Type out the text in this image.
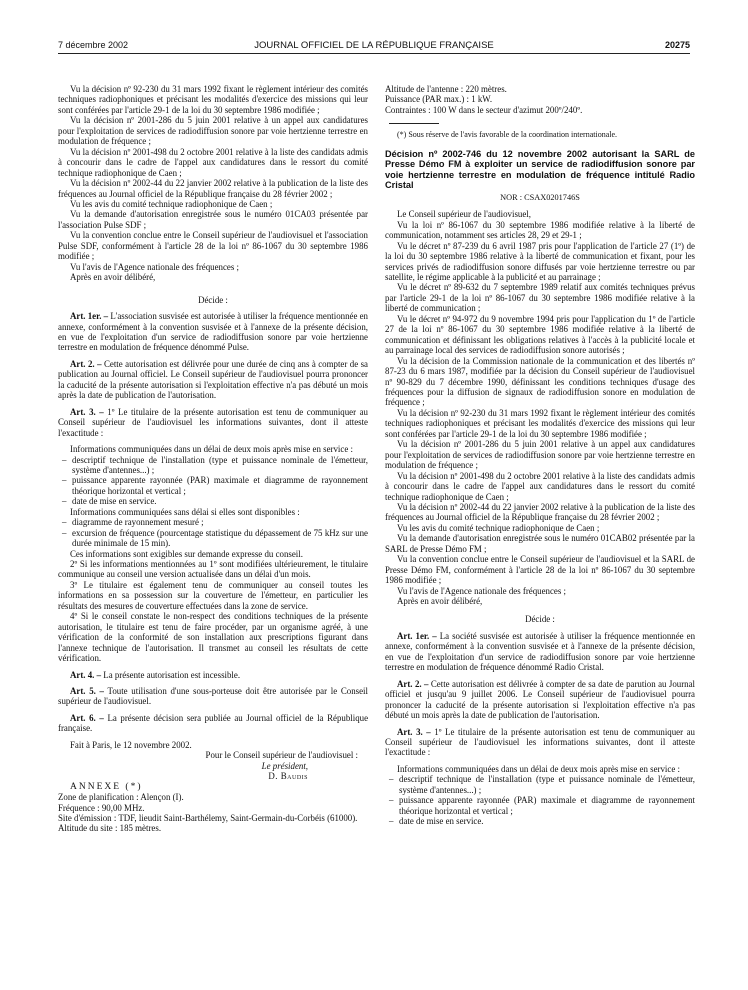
7 décembre 2002	JOURNAL OFFICIEL DE LA RÉPUBLIQUE FRANÇAISE	20275

Vu la décision nº 92-230 du 31 mars 1992 fixant le règlement intérieur des comités techniques radiophoniques et précisant les modalités d'exercice des missions qui leur sont conférées par l'article 29-1 de la loi du 30 septembre 1986 modifiée ;

Vu la décision nº 2001-286 du 5 juin 2001 relative à un appel aux candidatures pour l'exploitation de services de radiodiffusion sonore par voie hertzienne terrestre en modulation de fréquence ;

Vu la décision nº 2001-498 du 2 octobre 2001 relative à la liste des candidats admis à concourir dans le cadre de l'appel aux candidatures dans le ressort du comité technique radiophonique de Caen ;

Vu la décision nº 2002-44 du 22 janvier 2002 relative à la publication de la liste des fréquences au Journal officiel de la République française du 28 février 2002 ;

Vu les avis du comité technique radiophonique de Caen ;

Vu la demande d'autorisation enregistrée sous le numéro 01CA03 présentée par l'association Pulse SDF ;

Vu la convention conclue entre le Conseil supérieur de l'audiovisuel et l'association Pulse SDF, conformément à l'article 28 de la loi nº 86-1067 du 30 septembre 1986 modifiée ;

Vu l'avis de l'Agence nationale des fréquences ;

Après en avoir délibéré,

Décide :

Art. 1er. – L'association susvisée est autorisée à utiliser la fréquence mentionnée en annexe, conformément à la convention susvisée et à l'annexe de la présente décision, en vue de l'exploitation d'un service de radiodiffusion sonore par voie hertzienne terrestre en modulation de fréquence dénommé Pulse.

Art. 2. – Cette autorisation est délivrée pour une durée de cinq ans à compter de sa publication au Journal officiel. Le Conseil supérieur de l'audiovisuel pourra prononcer la caducité de la présente autorisation si l'exploitation effective n'a pas débuté un mois après la date de publication de l'autorisation.

Art. 3. – 1º Le titulaire de la présente autorisation est tenu de communiquer au Conseil supérieur de l'audiovisuel les informations suivantes, dont il atteste l'exactitude :

Informations communiquées dans un délai de deux mois après mise en service :

– descriptif technique de l'installation (type et puissance nominale de l'émetteur, système d'antennes...) ;
– puissance apparente rayonnée (PAR) maximale et diagramme de rayonnement théorique horizontal et vertical ;
– date de mise en service.

Informations communiquées sans délai si elles sont disponibles :

– diagramme de rayonnement mesuré ;
– excursion de fréquence (pourcentage statistique du dépassement de 75 kHz sur une durée minimale de 15 min).

Ces informations sont exigibles sur demande expresse du conseil.

2º Si les informations mentionnées au 1º sont modifiées ultérieurement, le titulaire communique au conseil une version actualisée dans un délai d'un mois.

3º Le titulaire est également tenu de communiquer au conseil toutes les informations en sa possession sur la couverture de l'émetteur, en particulier les résultats des mesures de couverture effectuées dans la zone de service.

4º Si le conseil constate le non-respect des conditions techniques de la présente autorisation, le titulaire est tenu de faire procéder, par un organisme agréé, à une vérification de la conformité de son installation aux prescriptions figurant dans l'annexe technique de l'autorisation. Il transmet au conseil les résultats de cette vérification.

Art. 4. – La présente autorisation est incessible.

Art. 5. – Toute utilisation d'une sous-porteuse doit être autorisée par le Conseil supérieur de l'audiovisuel.

Art. 6. – La présente décision sera publiée au Journal officiel de la République française.

Fait à Paris, le 12 novembre 2002.

Pour le Conseil supérieur de l'audiovisuel :

Le président,

D. Baudis

ANNEXE (*)

Zone de planification : Alençon (I).

Fréquence : 90,00 MHz.

Site d'émission : TDF, lieudit Saint-Barthélemy, Saint-Germain-du-Corbéis (61000).

Altitude du site : 185 mètres.

Altitude de l'antenne : 220 mètres.

Puissance (PAR max.) : 1 kW.

Contraintes : 100 W dans le secteur d'azimut 200º/240º.

(*) Sous réserve de l'avis favorable de la coordination internationale.

Décision nº 2002-746 du 12 novembre 2002 autorisant la SARL de Presse Démo FM à exploiter un service de radiodiffusion sonore par voie hertzienne terrestre en modulation de fréquence intitulé Radio Cristal
NOR : CSAX0201746S

Le Conseil supérieur de l'audiovisuel,

Vu la loi nº 86-1067 du 30 septembre 1986 modifiée relative à la liberté de communication, notamment ses articles 28, 29 et 29-1 ;

Vu le décret nº 87-239 du 6 avril 1987 pris pour l'application de l'article 27 (1º) de la loi du 30 septembre 1986 relative à la liberté de communication et fixant, pour les services privés de radiodiffusion sonore diffusés par voie hertzienne terrestre ou par satellite, le régime applicable à la publicité et au parrainage ;

Vu le décret nº 89-632 du 7 septembre 1989 relatif aux comités techniques prévus par l'article 29-1 de la loi nº 86-1067 du 30 septembre 1986 modifiée relative à la liberté de communication ;

Vu le décret nº 94-972 du 9 novembre 1994 pris pour l'application du 1º de l'article 27 de la loi nº 86-1067 du 30 septembre 1986 modifiée relative à la liberté de communication et définissant les obligations relatives à l'accès à la publicité locale et au parrainage local des services de radiodiffusion sonore autorisés ;

Vu la décision de la Commission nationale de la communication et des libertés nº 87-23 du 6 mars 1987, modifiée par la décision du Conseil supérieur de l'audiovisuel nº 90-829 du 7 décembre 1990, définissant les conditions techniques d'usage des fréquences pour la diffusion de signaux de radiodiffusion sonore en modulation de fréquence ;

Vu la décision nº 92-230 du 31 mars 1992 fixant le règlement intérieur des comités techniques radiophoniques et précisant les modalités d'exercice des missions qui leur sont conférées par l'article 29-1 de la loi du 30 septembre 1986 modifiée ;

Vu la décision nº 2001-286 du 5 juin 2001 relative à un appel aux candidatures pour l'exploitation de services de radiodiffusion sonore par voie hertzienne terrestre en modulation de fréquence ;

Vu la décision nº 2001-498 du 2 octobre 2001 relative à la liste des candidats admis à concourir dans le cadre de l'appel aux candidatures dans le ressort du comité technique radiophonique de Caen ;

Vu la décision nº 2002-44 du 22 janvier 2002 relative à la publication de la liste des fréquences au Journal officiel de la République française du 28 février 2002 ;

Vu les avis du comité technique radiophonique de Caen ;

Vu la demande d'autorisation enregistrée sous le numéro 01CAB02 présentée par la SARL de Presse Démo FM ;

Vu la convention conclue entre le Conseil supérieur de l'audiovisuel et la SARL de Presse Démo FM, conformément à l'article 28 de la loi nº 86-1067 du 30 septembre 1986 modifiée ;

Vu l'avis de l'Agence nationale des fréquences ;

Après en avoir délibéré,

Décide :

Art. 1er. – La société susvisée est autorisée à utiliser la fréquence mentionnée en annexe, conformément à la convention susvisée et à l'annexe de la présente décision, en vue de l'exploitation d'un service de radiodiffusion sonore par voie hertzienne terrestre en modulation de fréquence dénommé Radio Cristal.

Art. 2. – Cette autorisation est délivrée à compter de sa date de parution au Journal officiel et jusqu'au 9 juillet 2006. Le Conseil supérieur de l'audiovisuel pourra prononcer la caducité de la présente autorisation si l'exploitation effective n'a pas débuté un mois après la date de publication de l'autorisation.

Art. 3. – 1º Le titulaire de la présente autorisation est tenu de communiquer au Conseil supérieur de l'audiovisuel les informations suivantes, dont il atteste l'exactitude :

Informations communiquées dans un délai de deux mois après mise en service :

– descriptif technique de l'installation (type et puissance nominale de l'émetteur, système d'antennes...) ;
– puissance apparente rayonnée (PAR) maximale et diagramme de rayonnement théorique horizontal et vertical ;
– date de mise en service.
